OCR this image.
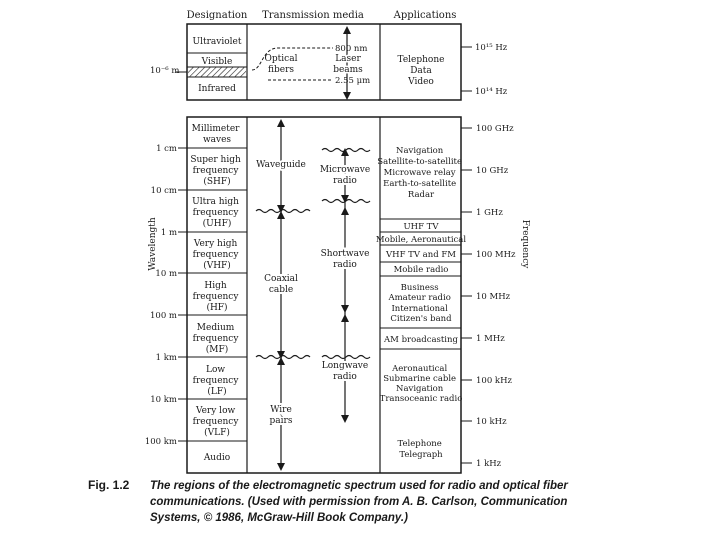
Designation Transmission media	Applications
Ultraviolet
Visible
Infrared
10⁻⁶ m
800 nm
2.55 μm
Optical
fibers
Laser
beams
Telephone
Data
Video
10¹⁵ Hz
10¹⁴ Hz
Millimeter waves
Super high frequency (SHF)
Ultra high frequency (UHF)
Very high frequency (VHF)
High frequency (HF)
Medium frequency (MF)
Low frequency (LF)
Very low frequency (VLF)
Audio
1 cm
10 cm
1 m
10 m
100 m
1 km
10 km
100 km
Wavelength
100 GHz
10 GHz
1 GHz
100 MHz
10 MHz
1 MHz
100 kHz
10 kHz
1 kHz
Frequency
Waveguide
Coaxial
cable
Wire
pairs
Microwave
radio
Shortwave
radio
Longwave
radio
Navigation Satellite-to-satellite Microwave relay Earth-to-satellite Radar
UHF TV
Mobile, Aeronautical
VHF TV and FM
Mobile radio
Business Amateur radio International Citizen's band
AM broadcasting
Aeronautical Submarine cable Navigation Transoceanic radio
Telephone Telegraph
Fig. 1.2 The regions of the electromagnetic spectrum used for radio and optical fiber communications. (Used with permission from A. B. Carlson, Communication Systems, © 1986, McGraw-Hill Book Company.)
